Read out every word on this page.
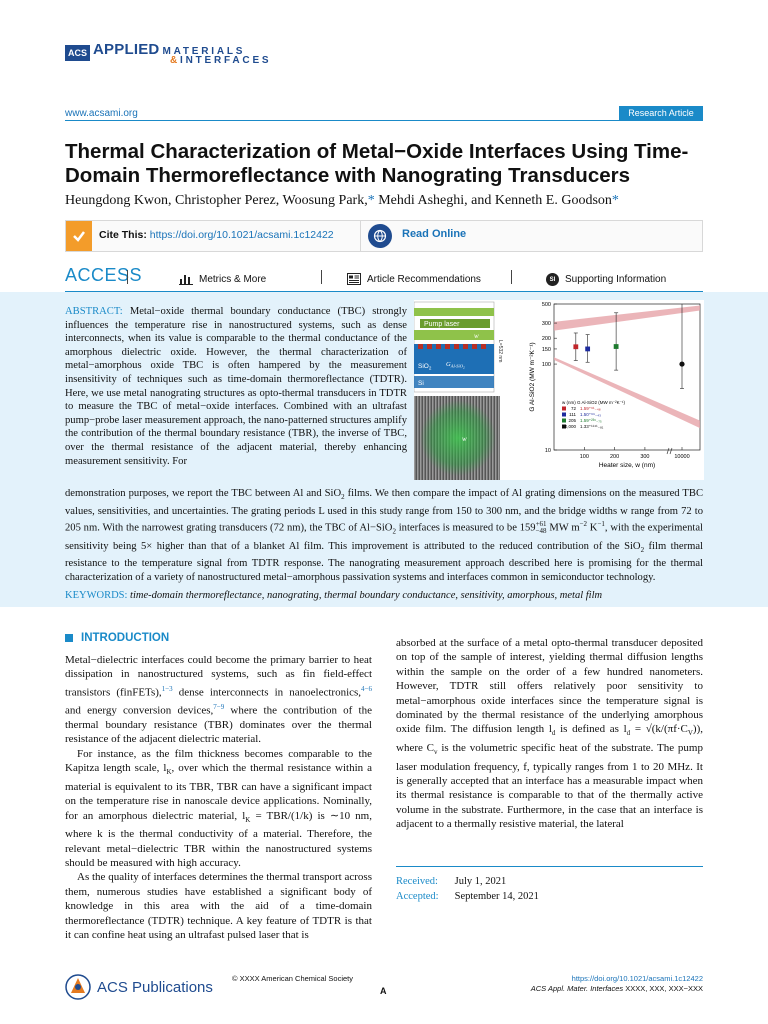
ACS APPLIED MATERIALS
&INTERFACES
www.acsami.org	Research Article
Thermal Characterization of Metal−Oxide Interfaces Using Time-Domain Thermoreflectance with Nanograting Transducers
Heungdong Kwon, Christopher Perez, Woosung Park,* Mehdi Asheghi, and Kenneth E. Goodson*
Cite This: https://doi.org/10.1021/acsami.1c12422	Read Online
ACCESS	Metrics & More	Article Recommendations	SI Supporting Information

ABSTRACT: Metal−oxide thermal boundary conductance (TBC) strongly influences the temperature rise in nanostructured systems, such as dense interconnects, when its value is comparable to the thermal conductance of the amorphous dielectric oxide. However, the thermal characterization of metal−amorphous oxide TBC is often hampered by the measurement insensitivity of techniques such as time-domain thermoreflectance (TDTR). Here, we use metal nanograting structures as opto-thermal transducers in TDTR to measure the TBC of metal−oxide interfaces. Combined with an ultrafast pump−probe laser measurement approach, the nano-patterned structures amplify the contribution of the thermal boundary resistance (TBR), the inverse of TBC, over the thermal resistance of the adjacent material, thereby enhancing measurement sensitivity. For

demonstration purposes, we report the TBC between Al and SiO$_2$ films. We then compare the impact of Al grating dimensions on the measured TBC values, sensitivities, and uncertainties. The grating periods L used in this study range from 150 to 300 nm, and the bridge widths w range from 72 to 205 nm. With the narrowest grating transducers (72 nm), the TBC of Al−SiO$_2$ interfaces is measured to be 159 +61
−48 MW $m^{-2}$ $K^{-1}$, with the experimental sensitivity being 5× higher than that of a blanket Al film. This improvement is attributed to the reduced contribution of the SiO$_2$ film thermal resistance to the temperature signal from TDTR response. The nanograting measurement approach described here is promising for the thermal characterization of a variety of nanostructured metal−amorphous passivation systems and interfaces common in semiconductor technology.

KEYWORDS: time-domain thermoreflectance, nanograting, thermal boundary conductance, sensitivity, amorphous, metal film
Pump laser
w
SiO$_2$ $G_{Al-SiO}2$
Si
L=532 nm
w
10
100
150
200
300
500
100	200	300	10000
Heater size, w (nm)
G Al-SiO2 (MW m⁻²K⁻¹)	w (nm) G Al-SiO2 (MW m⁻²K⁻¹)
72 1.59⁺⁶¹₋₄₈
111 1.50⁺⁶⁹₋₄₃
205 1.59⁺²³⁶₋₇₅
10,000 1.33⁺¹¹⁴¹₋₈₁
INTRODUCTION

Metal−dielectric interfaces could become the primary barrier to heat dissipation in nanostructured systems, such as fin field-effect transistors (finFETs),$^{1-3}$ dense interconnects in nanoelectronics,$^{4-6}$ and energy conversion devices,$^{7-9}$ where the contribution of the thermal boundary resistance (TBR) dominates over the thermal resistance of the adjacent dielectric material.

For instance, as the film thickness becomes comparable to the Kapitza length scale, $l_K$, over which the thermal resistance within a material is equivalent to its TBR, TBR can have a significant impact on the temperature rise in nanoscale device applications. Nominally, for an amorphous dielectric material, $l_K = TBR/(1/k)$ is ∼10 nm, where k is the thermal conductivity of a material. Therefore, the relevant metal−dielectric TBR within the nanostructured systems should be measured with high accuracy.

As the quality of interfaces determines the thermal transport across them, numerous studies have established a significant body of knowledge in this area with the aid of a time-domain thermoreflectance (TDTR) technique. A key feature of TDTR is that it can confine heat using an ultrafast pulsed laser that is

absorbed at the surface of a metal opto-thermal transducer deposited on top of the sample of interest, yielding thermal diffusion lengths within the sample on the order of a few hundred nanometers. However, TDTR still offers relatively poor sensitivity to metal−amorphous oxide interfaces since the temperature signal is dominated by the thermal resistance of the underlying amorphous oxide film. The diffusion length $l_d$ is defined as $l_d = √(k/(\pi f\cdot C_V))$, where $C_v$ is the volumetric specific heat of the substrate. The pump laser modulation frequency, f, typically ranges from 1 to 20 MHz. It is generally accepted that an interface has a measurable impact when its thermal resistance is comparable to that of the thermally active volume in the substrate. Furthermore, in the case that an interface is adjacent to a thermally resistive material, the lateral

Received: July 1, 2021
Accepted: September 14, 2021
ACS Publications	© XXXX American Chemical Society
A
https://doi.org/10.1021/acsami.1c12422
ACS Appl. Mater. Interfaces XXXX, XXX, XXX−XXX
